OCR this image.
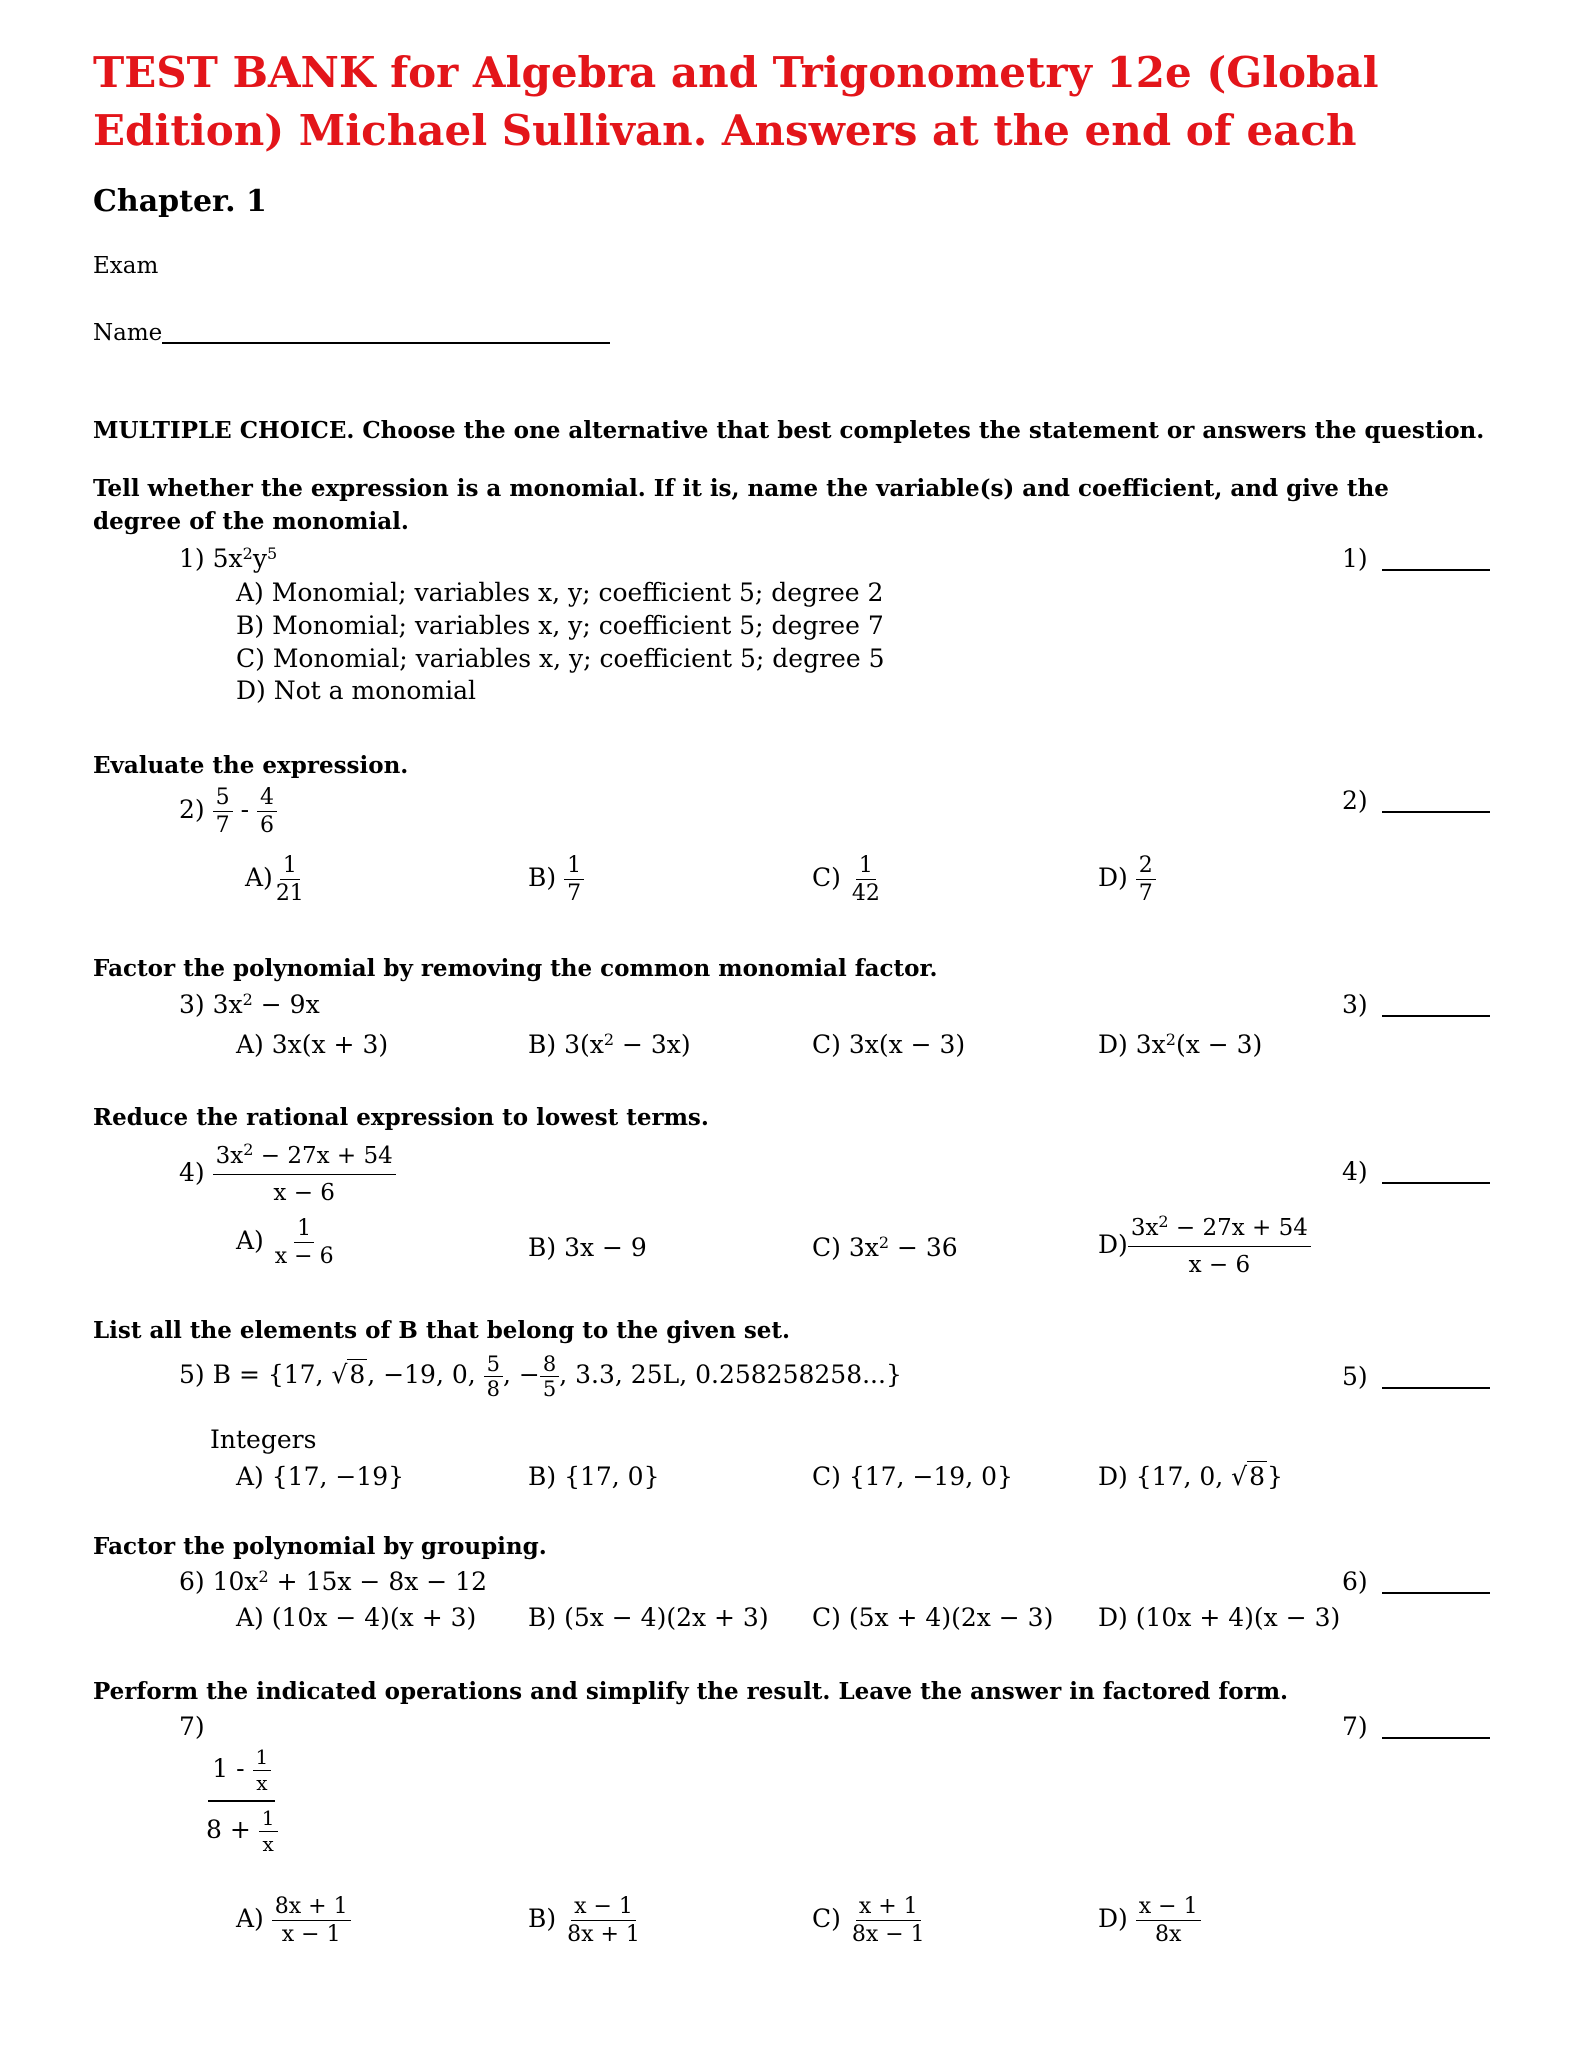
TEST BANK for Algebra and Trigonometry 12e (Global Edition) Michael Sullivan. Answers at the end of each
Chapter. 1
Exam
Name
MULTIPLE CHOICE. Choose the one alternative that best completes the statement or answers the question.
Tell whether the expression is a monomial. If it is, name the variable(s) and coefficient, and give the degree of the monomial.
1) $5x^2y^5$	1)
A) Monomial; variables x, y; coefficient 5; degree 2
B) Monomial; variables x, y; coefficient 5; degree 7
C) Monomial; variables x, y; coefficient 5; degree 5
D) Not a monomial
Evaluate the expression.
$2) \frac{5}{7} - \frac{4}{6}$	2)
$A) \frac{1}{21}$	$B) \frac{1}{7}$	$C) \frac{1}{42}$	$D) \frac{2}{7}$
Factor the polynomial by removing the common monomial factor.
3) $3x^2 - 9x$	3)
A) 3x(x + 3)	B) $3(x^2 - 3x)$	C) 3x(x − 3)	D) $3x^2(x - 3)$
Reduce the rational expression to lowest terms.
$4) \frac{3x^2 - 27x + 54}{x - 6}$	4)
$A) \frac{1}{x - 6}$	B) 3x − 9	C) $3x^2 - 36$	$D) \frac{3x^2 - 27x + 54}{x - 6}$
List all the elements of B that belong to the given set.
5) B = {17, √8, −19, 0, $\frac{5}{8}$ , − $\frac{8}{5}$ , 3.3, 25L, 0.258258258...}	5)
Integers
A) {17, −19}	B) {17, 0}	C) {17, −19, 0}	D) {17, 0, √8}
Factor the polynomial by grouping.
6) $10x^2 + 15x - 8x - 12$	6)
A) (10x − 4)(x + 3) B) (5x − 4)(2x + 3) C) (5x + 4)(2x − 3) D) (10x + 4)(x − 3)
Perform the indicated operations and simplify the result. Leave the answer in factored form.
7)	7)
$\frac{1 - \frac{1}{x}}{8 + \frac{1}{x}}$
$A) \frac{8x + 1}{x - 1}$	$B) \frac{x - 1}{8x + 1}$	$C) \frac{x + 1}{8x - 1}$	$D) \frac{x - 1}{8x}$
